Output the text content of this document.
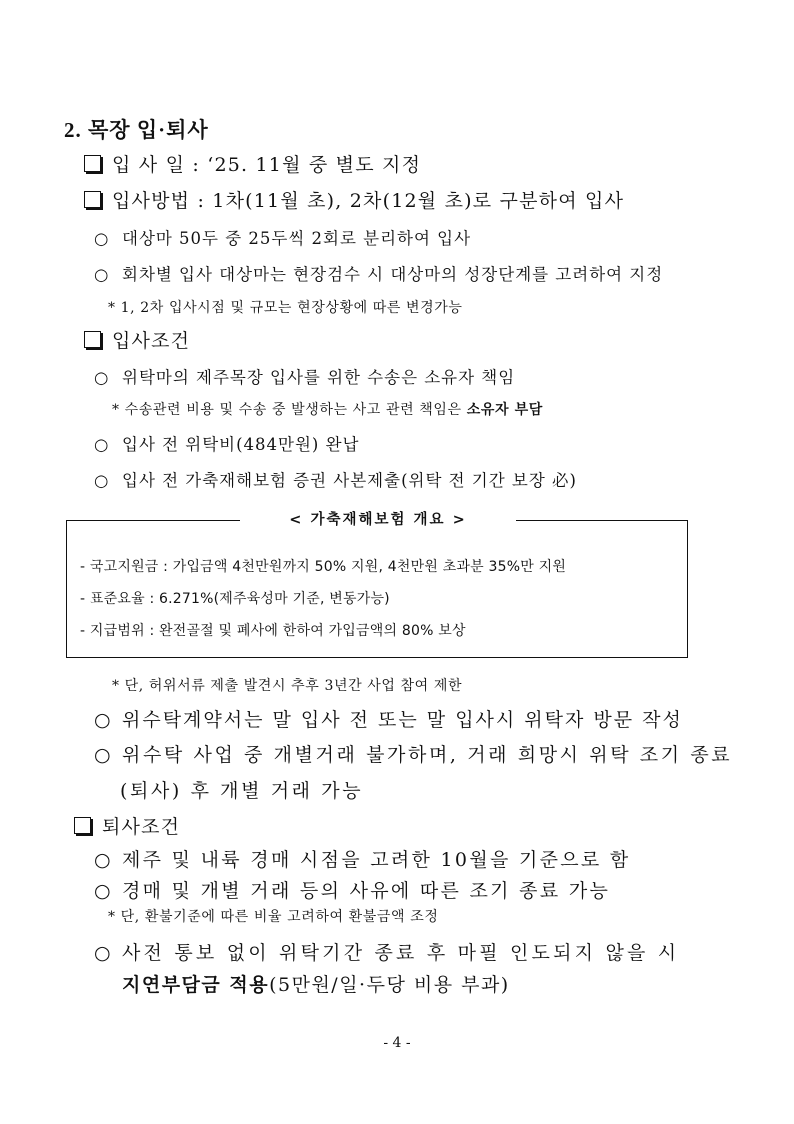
2. 목장 입·퇴사
입 사 일 : ‘25. 11월 중 별도 지정
입사방법 : 1차(11월 초), 2차(12월 초)로 구분하여 입사
○ 대상마 50두 중 25두씩 2회로 분리하여 입사
○ 회차별 입사 대상마는 현장검수 시 대상마의 성장단계를 고려하여 지정
* 1, 2차 입사시점 및 규모는 현장상황에 따른 변경가능
입사조건
○ 위탁마의 제주목장 입사를 위한 수송은 소유자 책임
* 수송관련 비용 및 수송 중 발생하는 사고 관련 책임은 소유자 부담
○ 입사 전 위탁비(484만원) 완납
○ 입사 전 가축재해보험 증권 사본제출(위탁 전 기간 보장 必)
< 가축재해보험 개요 >
- 국고지원금 : 가입금액 4천만원까지 50% 지원, 4천만원 초과분 35%만 지원
- 표준요율 : 6.271%(제주육성마 기준, 변동가능)
- 지급범위 : 완전골절 및 폐사에 한하여 가입금액의 80% 보상
* 단, 허위서류 제출 발견시 추후 3년간 사업 참여 제한
○ 위수탁계약서는 말 입사 전 또는 말 입사시 위탁자 방문 작성
○ 위수탁 사업 중 개별거래 불가하며, 거래 희망시 위탁 조기 종료
(퇴사) 후 개별 거래 가능
퇴사조건
○ 제주 및 내륙 경매 시점을 고려한 10월을 기준으로 함
○ 경매 및 개별 거래 등의 사유에 따른 조기 종료 가능
* 단, 환불기준에 따른 비율 고려하여 환불금액 조정
○ 사전 통보 없이 위탁기간 종료 후 마필 인도되지 않을 시
지연부담금 적용(5만원/일·두당 비용 부과)
- 4 -
